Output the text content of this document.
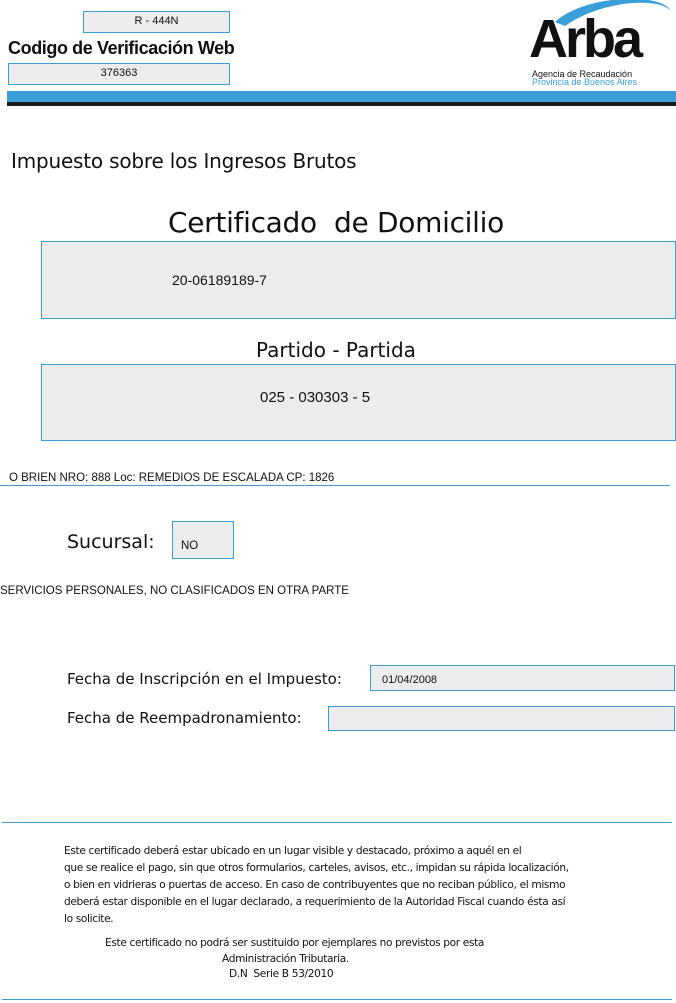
R - 444N
Codigo de Verificación Web
376363
Arba
Agencia de Recaudación
Provincia de Buenos Aires
Impuesto sobre los Ingresos Brutos
Certificado  de Domicilio
20-06189189-7
Partido - Partida
025 - 030303 - 5
O BRIEN NRO: 888 Loc: REMEDIOS DE ESCALADA CP: 1826
Sucursal: NO
SERVICIOS PERSONALES, NO CLASIFICADOS EN OTRA PARTE
Fecha de Inscripción en el Impuesto:	01/04/2008
Fecha de Reempadronamiento:
Este certificado deberá estar ubicado en un lugar visible y destacado, próximo a aquél en el
que se realice el pago, sin que otros formularios, carteles, avisos, etc., impidan su rápida localización,
o bien en vidrieras o puertas de acceso. En caso de contribuyentes que no reciban público, el mismo
deberá estar disponible en el lugar declarado, a requerimiento de la Autoridad Fiscal cuando ésta así
lo solicite.
Este certificado no podrá ser sustituido por ejemplares no previstos por esta
Administración Tributaria.
D.N  Serie B 53/2010
